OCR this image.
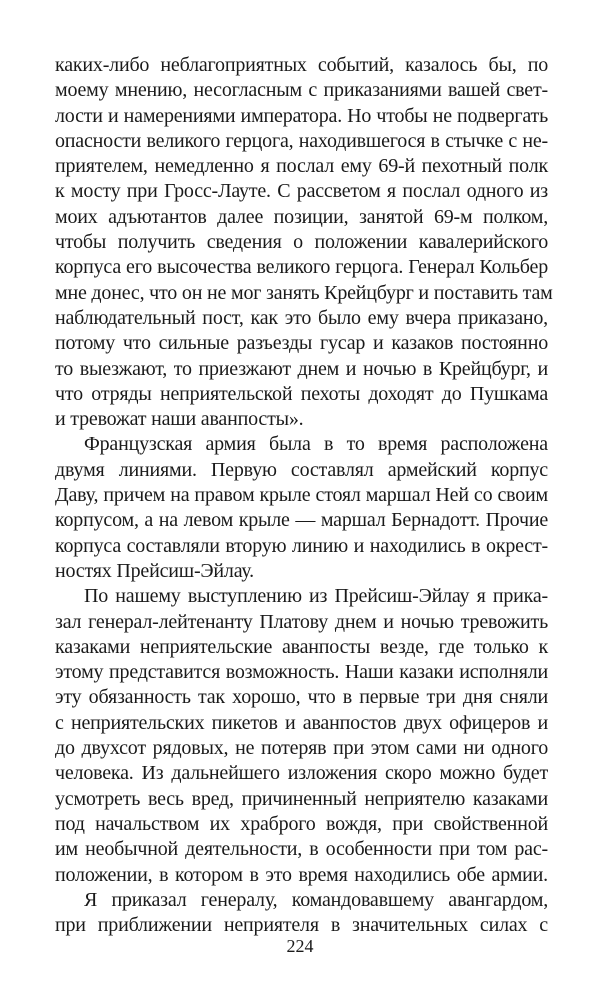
каких-либо неблагоприятных событий, казалось бы, по
моему мнению, несогласным с приказаниями вашей свет-
лости и намерениями императора. Но чтобы не подвергать
опасности великого герцога, находившегося в стычке с не-
приятелем, немедленно я послал ему 69-й пехотный полк
к мосту при Гросс-Лауте. С рассветом я послал одного из
моих адъютантов далее позиции, занятой 69-м полком,
чтобы получить сведения о положении кавалерийского
корпуса его высочества великого герцога. Генерал Кольбер
мне донес, что он не мог занять Крейцбург и поставить там
наблюдательный пост, как это было ему вчера приказано,
потому что сильные разъезды гусар и казаков постоянно
то выезжают, то приезжают днем и ночью в Крейцбург, и
что отряды неприятельской пехоты доходят до Пушкама
и тревожат наши аванпосты».
Французская армия была в то время расположена
двумя линиями. Первую составлял армейский корпус
Даву, причем на правом крыле стоял маршал Ней со своим
корпусом, а на левом крыле — маршал Бернадотт. Прочие
корпуса составляли вторую линию и находились в окрест-
ностях Прейсиш-Эйлау.
По нашему выступлению из Прейсиш-Эйлау я прика-
зал генерал-лейтенанту Платову днем и ночью тревожить
казаками неприятельские аванпосты везде, где только к
этому представится возможность. Наши казаки исполняли
эту обязанность так хорошо, что в первые три дня сняли
с неприятельских пикетов и аванпостов двух офицеров и
до двухсот рядовых, не потеряв при этом сами ни одного
человека. Из дальнейшего изложения скоро можно будет
усмотреть весь вред, причиненный неприятелю казаками
под начальством их храброго вождя, при свойственной
им необычной деятельности, в особенности при том рас-
положении, в котором в это время находились обе армии.
Я приказал генералу, командовавшему авангардом,
при приближении неприятеля в значительных силах с
224
